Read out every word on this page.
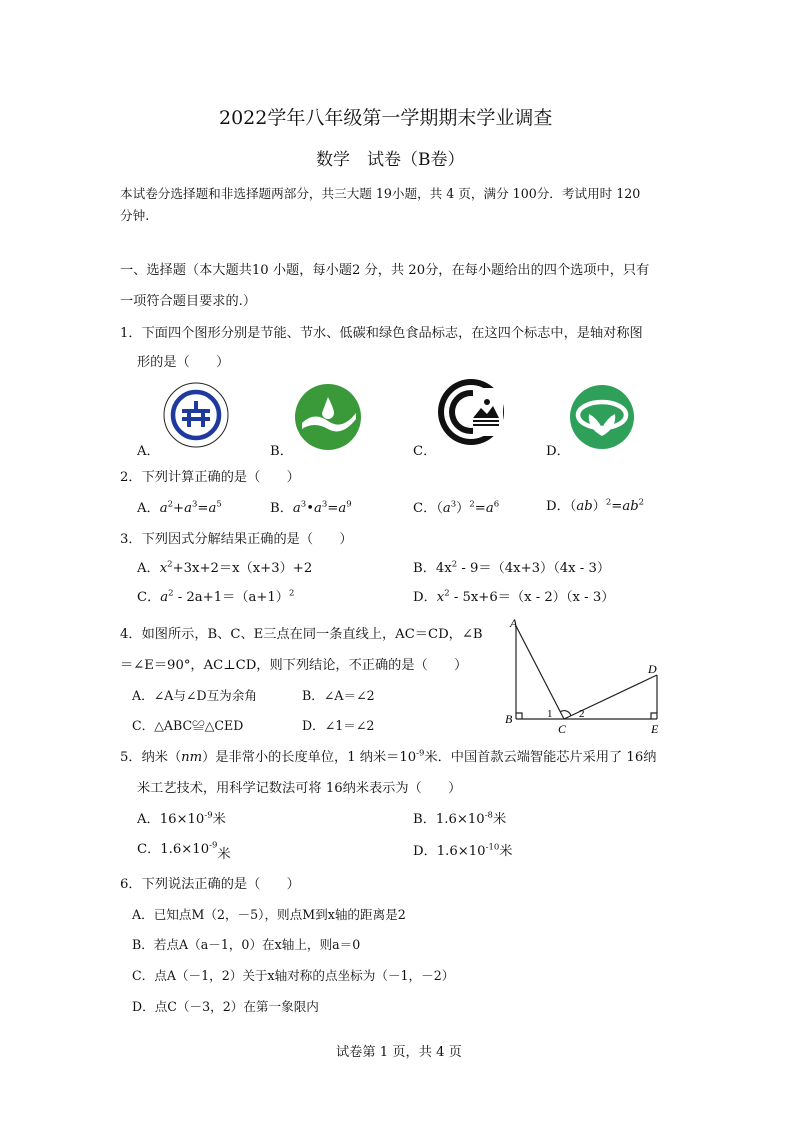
2022学年八年级第一学期期末学业调查
数学　试卷（B卷）
本试卷分选择题和非选择题两部分，共三大题 19小题，共 4 页，满分 100分．考试用时 120
分钟.
一、选择题（本大题共10 小题，每小题2 分，共 20分，在每小题给出的四个选项中，只有
一项符合题目要求的.）
1．下面四个图形分别是节能、节水、低碳和绿色食品标志，在这四个标志中，是轴对称图
形的是（　　）
A．	B．	C．	D．
2．下列计算正确的是（　　）
A．$a^2+a^3=a^5$	B．$a^3•a^3=a^9$	C．$(a^3)^2=a^6$	D．$(ab)^2=ab^2$
3．下列因式分解结果正确的是（　　）
A．$x^2+3x+2=x(x+3)+2$	B．$4x^2 - 9=(4x+3)(4x - 3)$
C．$a^2 - 2a+1=(a+1)^2$	D．$x^2 - 5x+6=(x - 2)(x - 3)$
4．如图所示，B、C、E三点在同一条直线上，AC＝CD，∠B
＝∠E＝90°，AC⊥CD，则下列结论，不正确的是（　　）
A．∠A与∠D互为余角	B．∠A＝∠2
C．△ABC≌△CED	D．∠1＝∠2
A
B
C
D
E
1 2
5．纳米（nm）是非常小的长度单位，1 纳米$=10^{-9}$米．中国首款云端智能芯片采用了 16纳
米工艺技术，用科学记数法可将 16纳米表示为（　　）
A．$16\times 10^{-9}$米	B．$1.6\times 10^{-8}$米
C．$1.6\times 10^{-9}$米	D．$1.6\times 10^{-10}$米
6．下列说法正确的是（　　）
A．已知点M（2，－5），则点M到x轴的距离是2
B．若点A（a－1，0）在x轴上，则a＝0
C．点A（－1，2）关于x轴对称的点坐标为（－1，－2）
D．点C（－3，2）在第一象限内
试卷第 1 页，共 4 页
